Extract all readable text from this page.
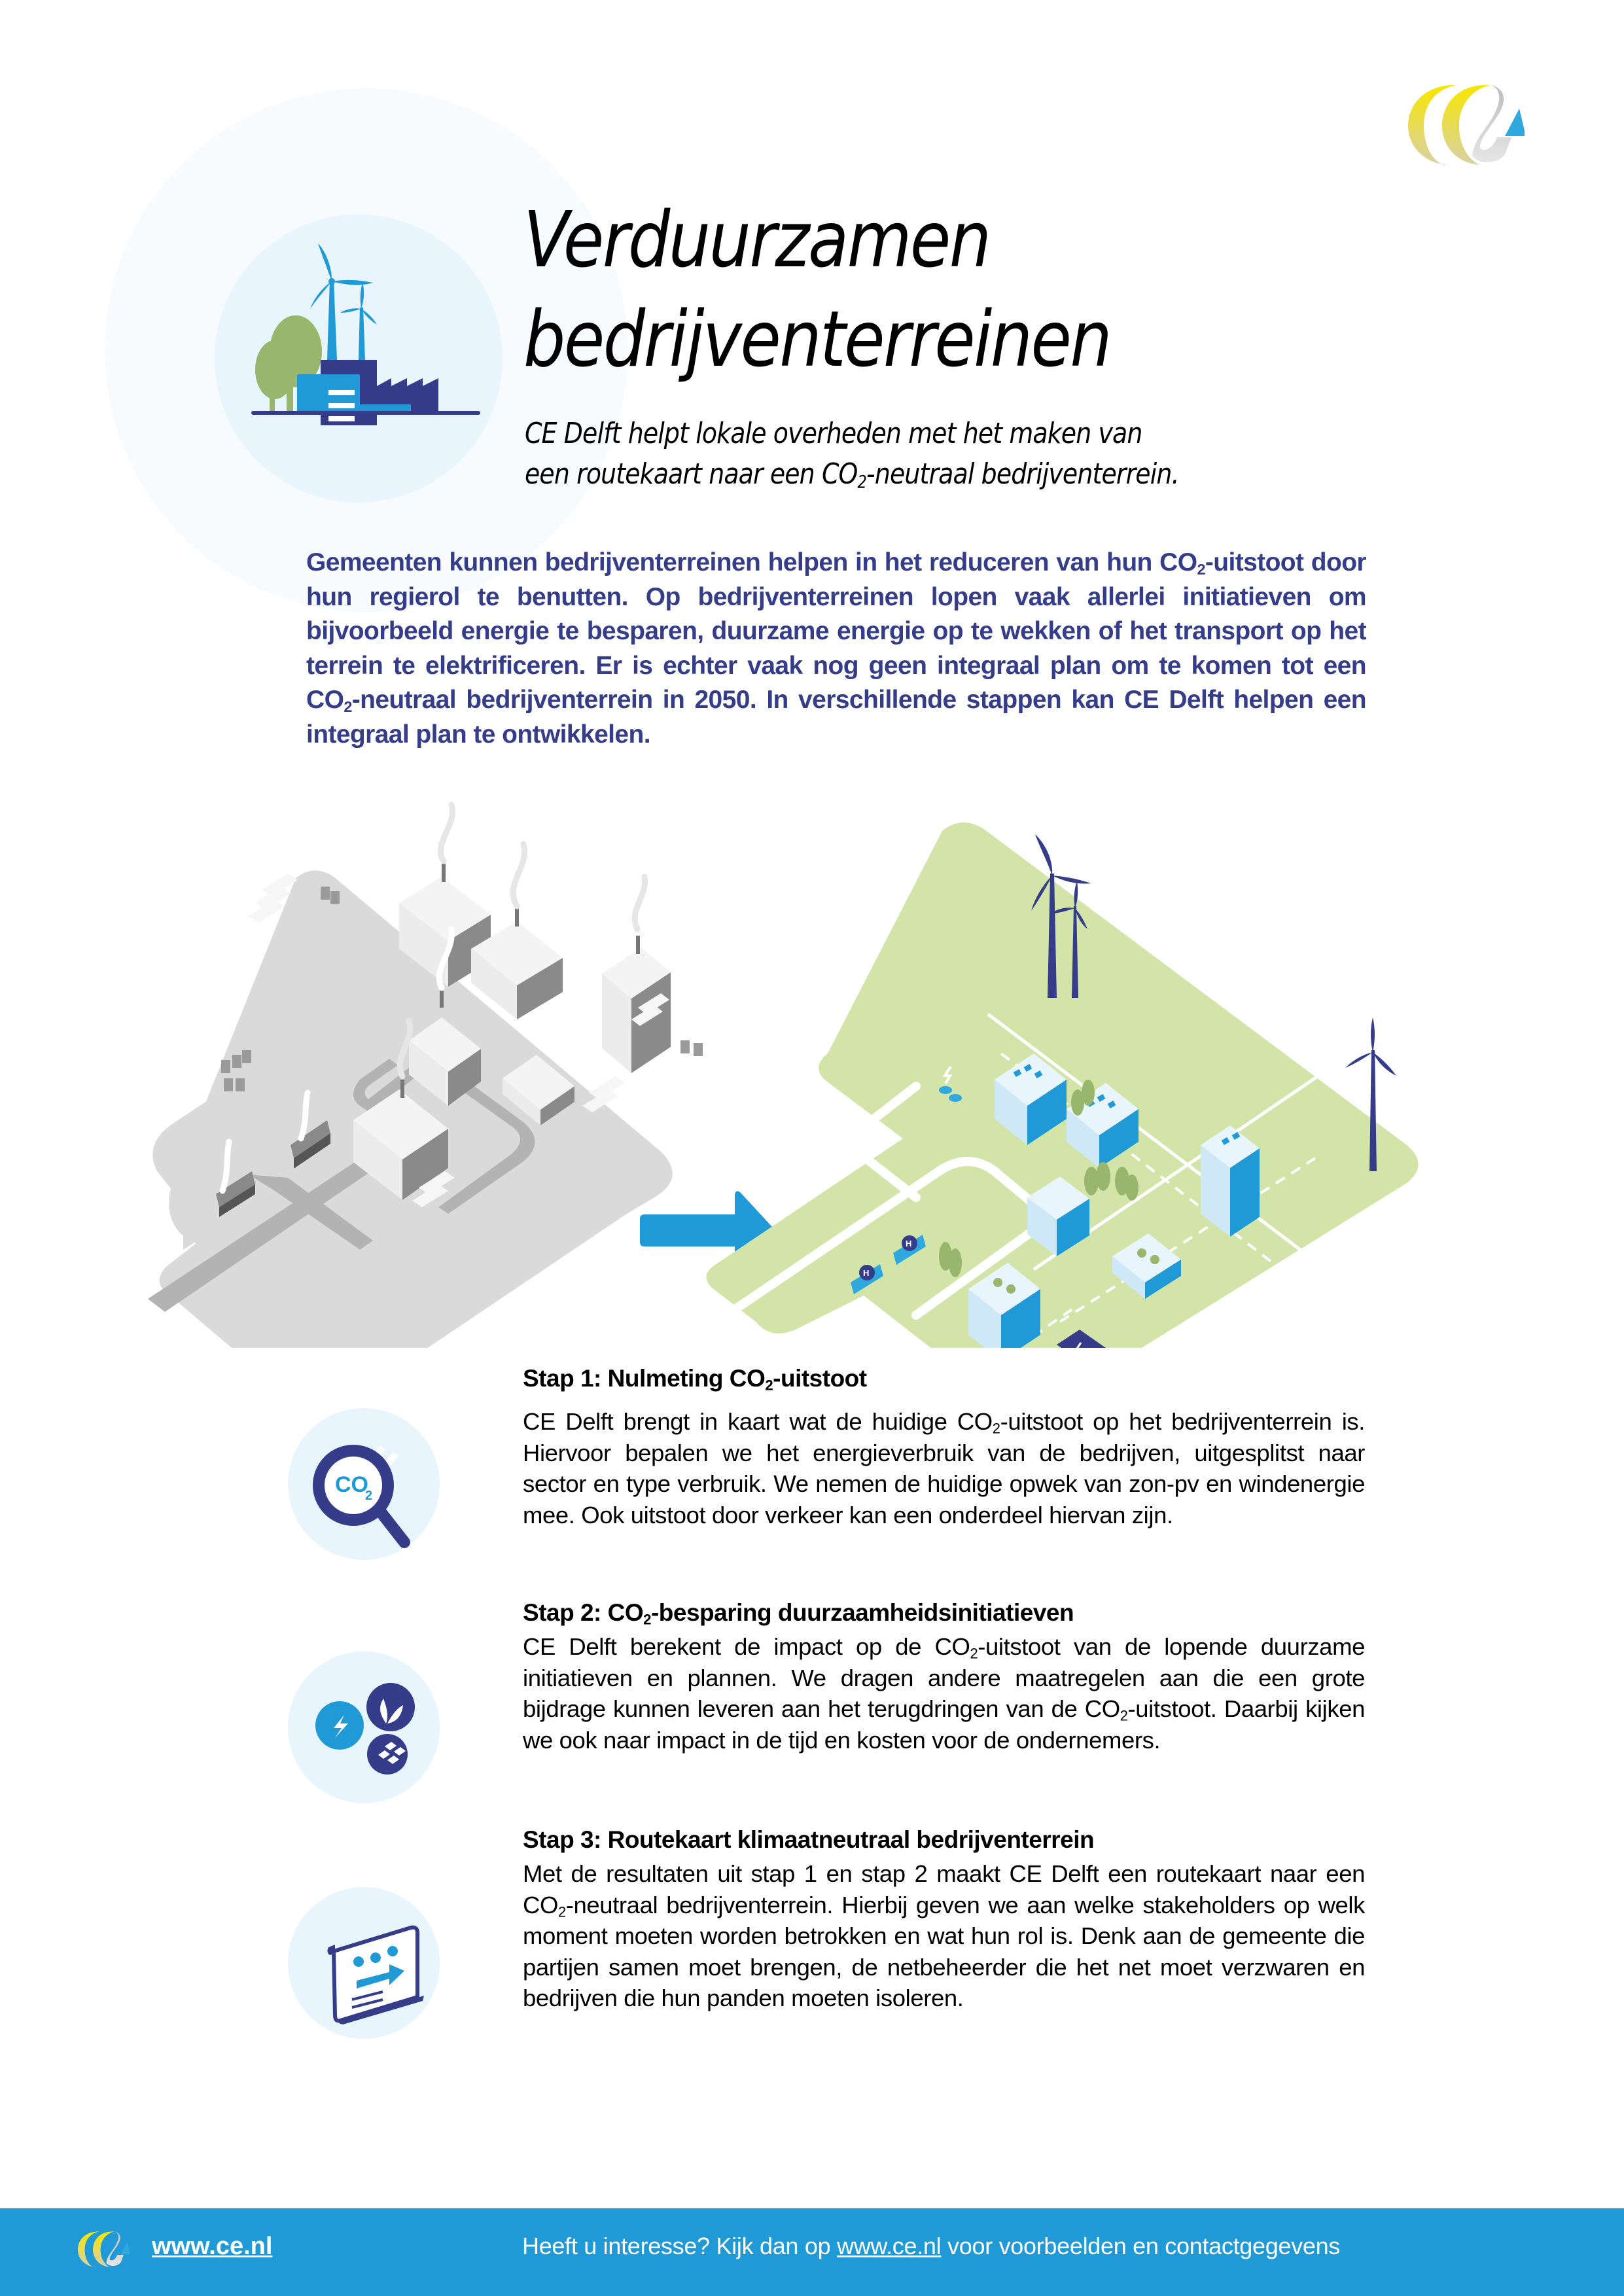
Verduurzamen
bedrijventerreinen
CE Delft helpt lokale overheden met het maken van
een routekaart naar een $CO_2$-neutraal bedrijventerrein.
Gemeenten kunnen bedrijventerreinen helpen in het reduceren van hun $CO_2$-uitstoot door hun regierol te benutten. Op bedrijventerreinen lopen vaak allerlei initiatieven om bijvoorbeeld energie te besparen, duurzame energie op te wekken of het transport op het terrein te elektrificeren. Er is echter vaak nog geen integraal plan om te komen tot een $CO_2$-neutraal bedrijventerrein in 2050. In verschillende stappen kan CE Delft helpen een integraal plan te ontwikkelen.
H
H
CO
2
Stap 1: Nulmeting $CO_2$-uitstoot

CE Delft brengt in kaart wat de huidige $CO_2$-uitstoot op het bedrijventerrein is. Hiervoor bepalen we het energieverbruik van de bedrijven, uitgesplitst naar sector en type verbruik. We nemen de huidige opwek van zon-pv en windenergie mee. Ook uitstoot door verkeer kan een onderdeel hiervan zijn.

Stap 2: $CO_2$-besparing duurzaamheidsinitiatieven

CE Delft berekent de impact op de $CO_2$-uitstoot van de lopende duurzame initiatieven en plannen. We dragen andere maatregelen aan die een grote bijdrage kunnen leveren aan het terugdringen van de $CO_2$-uitstoot. Daarbij kijken we ook naar impact in de tijd en kosten voor de ondernemers.

Stap 3: Routekaart klimaatneutraal bedrijventerrein

Met de resultaten uit stap 1 en stap 2 maakt CE Delft een routekaart naar een $CO_2$-neutraal bedrijventerrein. Hierbij geven we aan welke stakeholders op welk moment moeten worden betrokken en wat hun rol is. Denk aan de gemeente die partijen samen moet brengen, de netbeheerder die het net moet verzwaren en bedrijven die hun panden moeten isoleren.

www.ce.nl	Heeft u interesse? Kijk dan op www.ce.nl voor voorbeelden en contactgegevens
